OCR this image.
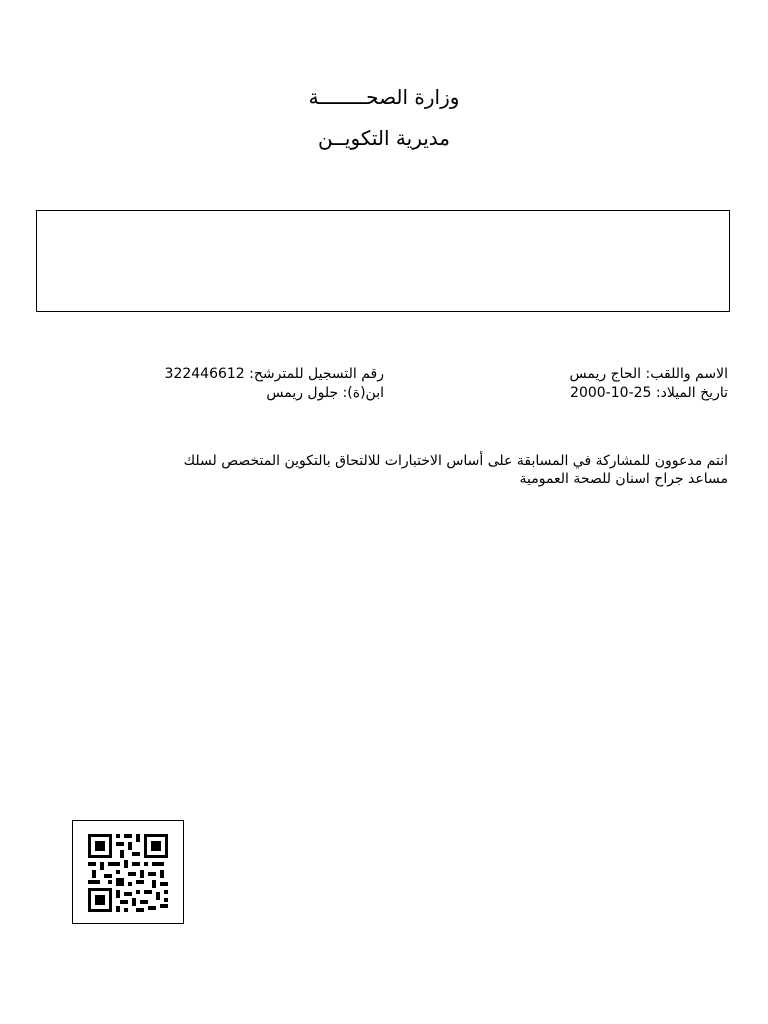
وزارة الصحــــــــة
مديرية التكويــن
الاسم واللقب: الحاج ريمس
تاريخ الميلاد: 25-10-2000
رقم التسجيل للمترشح: 322446612
ابن(ة): جلول ريمس
انتم مدعوون للمشاركة في المسابقة على أساس الاختبارات للالتحاق بالتكوين المتخصص لسلك
مساعد جراح اسنان للصحة العمومية
